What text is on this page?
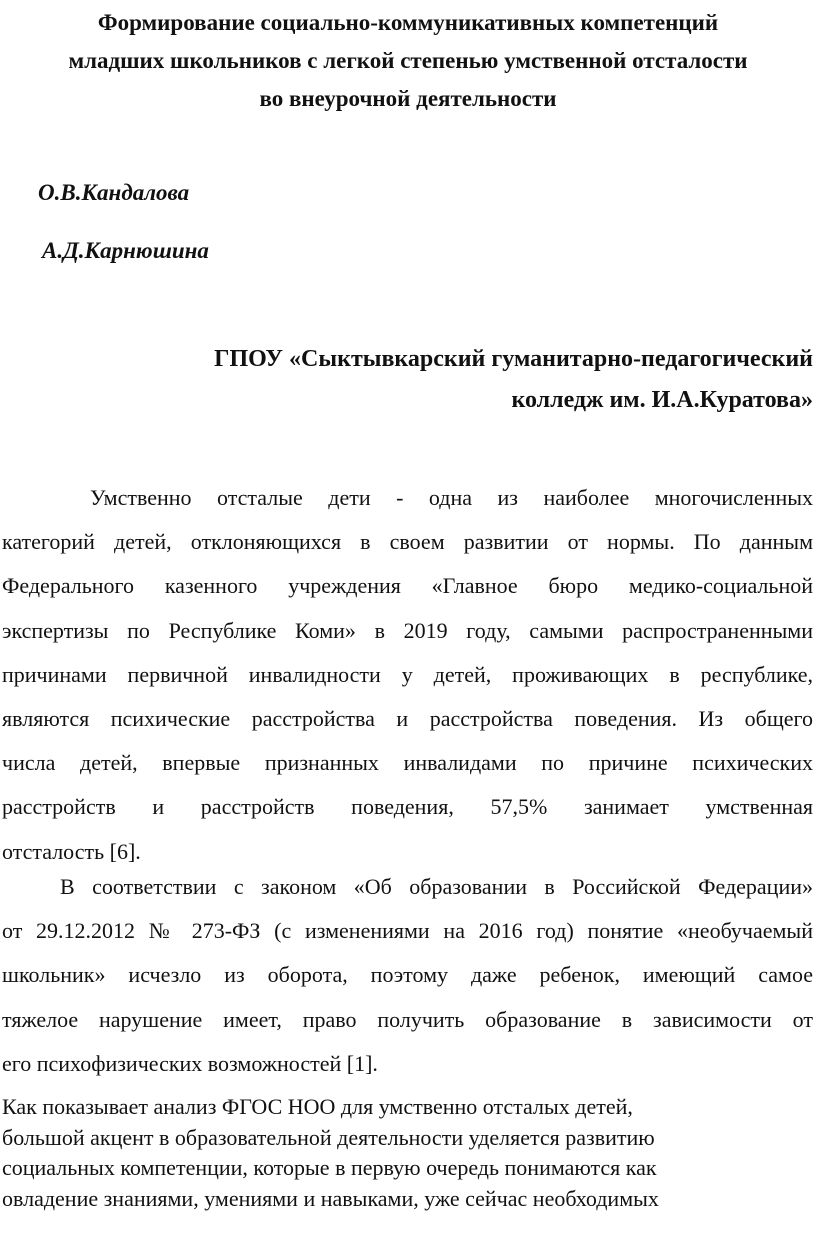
Формирование социально-коммуникативных компетенций
младших школьников с легкой степенью умственной отсталости
во внеурочной деятельности
О.В.Кандалова
А.Д.Карнюшина
ГПОУ «Сыктывкарский гуманитарно-педагогический
колледж им. И.А.Куратова»
Умственно отсталые дети - одна из наиболее многочисленных
категорий детей, отклоняющихся в своем развитии от нормы. По данным
Федерального казенного учреждения «Главное бюро медико-социальной
экспертизы по Республике Коми» в 2019 году, самыми распространенными
причинами первичной инвалидности у детей, проживающих в республике,
являются психические расстройства и расстройства поведения. Из общего
числа детей, впервые признанных инвалидами по причине психических
расстройств и расстройств поведения, 57,5% занимает умственная
отсталость [6].
В соответствии с законом «Об образовании в Российской Федерации»
от 29.12.2012 № 273-ФЗ (с изменениями на 2016 год) понятие «необучаемый
школьник» исчезло из оборота, поэтому даже ребенок, имеющий самое
тяжелое нарушение имеет, право получить образование в зависимости от
его психофизических возможностей [1].
Как показывает анализ ФГОС НОО для умственно отсталых детей,
большой акцент в образовательной деятельности уделяется развитию
социальных компетенции, которые в первую очередь понимаются как
овладение знаниями, умениями и навыками, уже сейчас необходимых
